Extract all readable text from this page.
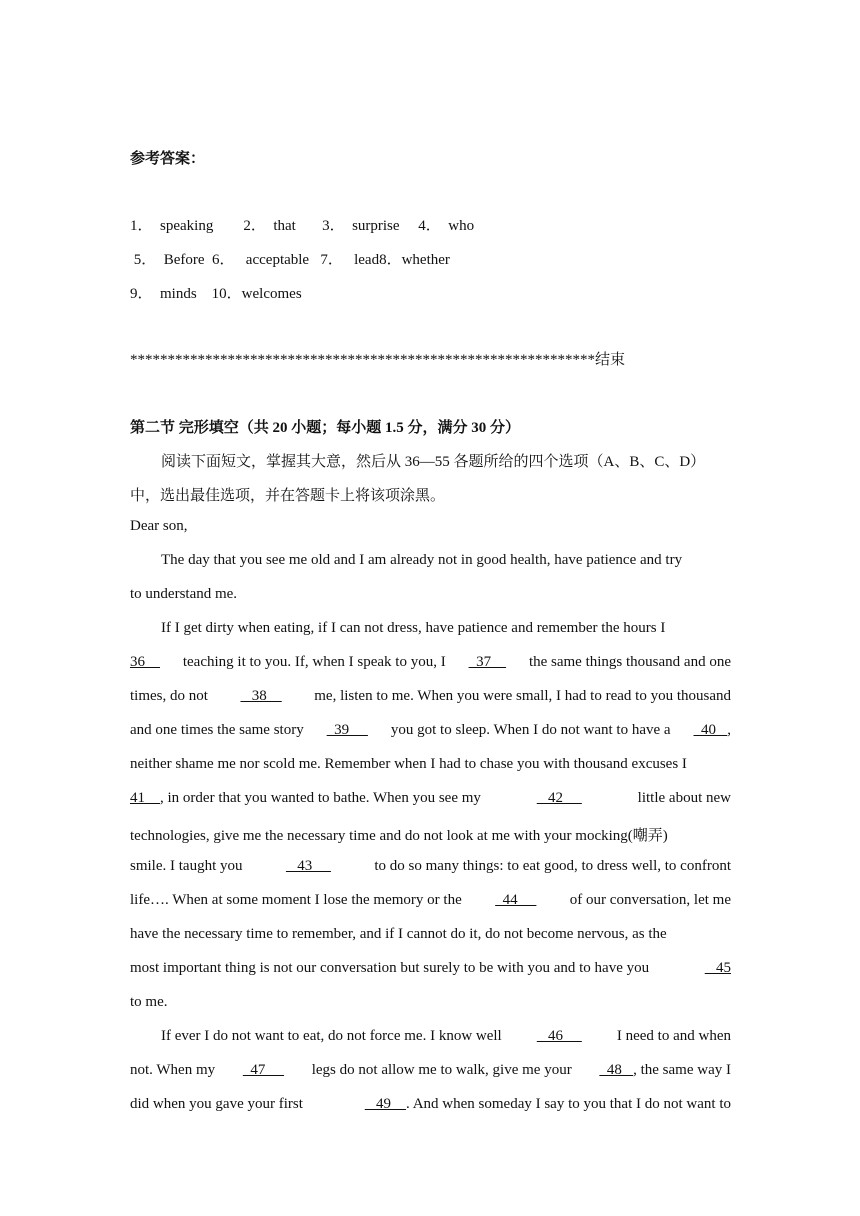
参考答案：
1．  speaking        2．  that       3．  surprise     4．  who
5．  Before  6．   acceptable   7．   lead8．whether
9．  minds    10．welcomes
**************************************************************结束
第二节 完形填空（共 20 小题；每小题 1.5 分，满分 30 分）
阅读下面短文，掌握其大意，然后从 36—55 各题所给的四个选项（A、B、C、D）
中，选出最佳选项，并在答题卡上将该项涂黑。
Dear son,
The day that you see me old and I am already not in good health, have patience and try
to understand me.
If I get dirty when eating, if I can not dress, have patience and remember the hours I
36 teaching it to you. If, when I speak to you, I 37 the same things thousand and one
times, do not 38 me, listen to me. When you were small, I had to read to you thousand
and one times the same story 39 you got to sleep. When I do not want to have a 40   ,
neither shame me nor scold me. Remember when I had to chase you with thousand excuses I
41    , in order that you wanted to bathe. When you see my	42	little about new
technologies, give me the necessary time and do not look at me with your mocking(嘲弄)
smile. I taught you	43	to do so many things: to eat good, to dress well, to confront
life…. When at some moment I lose the memory or the 44 of our conversation, let me
have the necessary time to remember, and if I cannot do it, do not become nervous, as the
most important thing is not our conversation but surely to be with you and to have you	45
to me.
If ever I do not want to eat, do not force me. I know well 46 I need to and when
not. When my 47 legs do not allow me to walk, give me your 48   , the same way I
did when you gave your first	49    . And when someday I say to you that I do not want to
